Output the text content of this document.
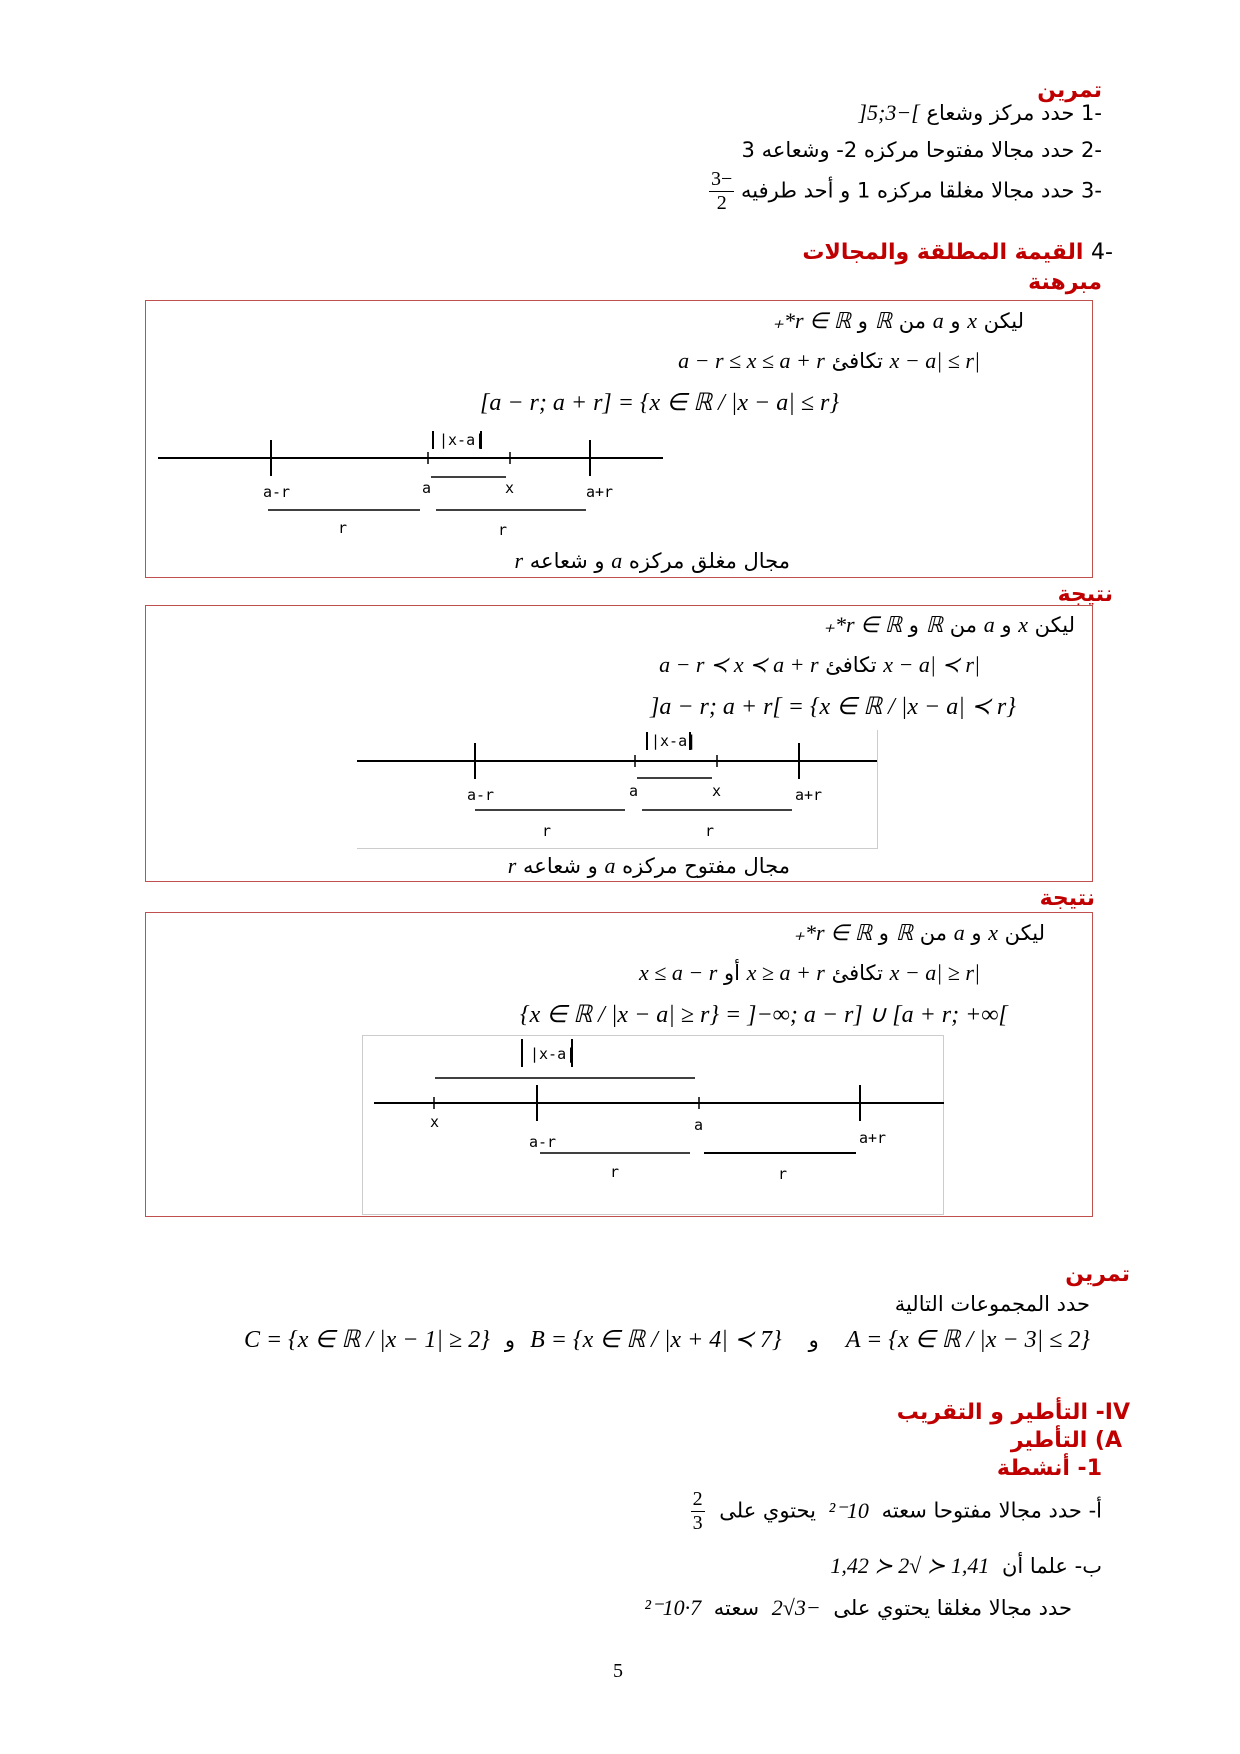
تمرين
-1 حدد مركز وشعاع ]−3;5[
-2 حدد مجالا مفتوحا مركزه 2- وشعاعه 3
-3 حدد مجالا مغلقا مركزه 1 و أحد طرفيه
$\frac{-3}{2}$
-4 القيمة المطلقة والمجالات
مبرهنة
ليكن x و a من ℝ و r ∈ ℝ*₊
|x − a| ≤ r تكافئ a − r ≤ x ≤ a + r
[a − r; a + r] = {x ∈ ℝ / |x − a| ≤ r}
|x-a|
a-r	a	x	a+r
r	r
مجال مغلق مركزه a و شعاعه r
نتيجة
ليكن x و a من ℝ و r ∈ ℝ*₊
|x − a| ≺ r تكافئ a − r ≺ x ≺ a + r
]a − r; a + r[ = {x ∈ ℝ / |x − a| ≺ r}
|x-a|
a-r	a	x	a+r
r	r
مجال مفتوح مركزه a و شعاعه r
نتيجة
ليكن x و a من ℝ و r ∈ ℝ*₊
|x − a| ≥ r تكافئ x ≥ a + r أو x ≤ a − r
{x ∈ ℝ / |x − a| ≥ r} = ]−∞; a − r] ∪ [a + r; +∞[
|x-a|
x
a-r
a
a+r
r	r
تمرين
حدد المجموعات التالية
A = {x ∈ ℝ / |x − 3| ≤ 2} و B = {x ∈ ℝ / |x + 4| ≺ 7} و C = {x ∈ ℝ / |x − 1| ≥ 2}
IV- التأطير و التقريب
A) التأطير
1- أنشطة
أ- حدد مجالا مفتوحا سعته 10⁻² يحتوي على
$\frac{2}{3}$
ب- علما أن 1,41 ≺ √2 ≺ 1,42
حدد مجالا مغلقا يحتوي على −3√2 سعته 7·10⁻²
5
